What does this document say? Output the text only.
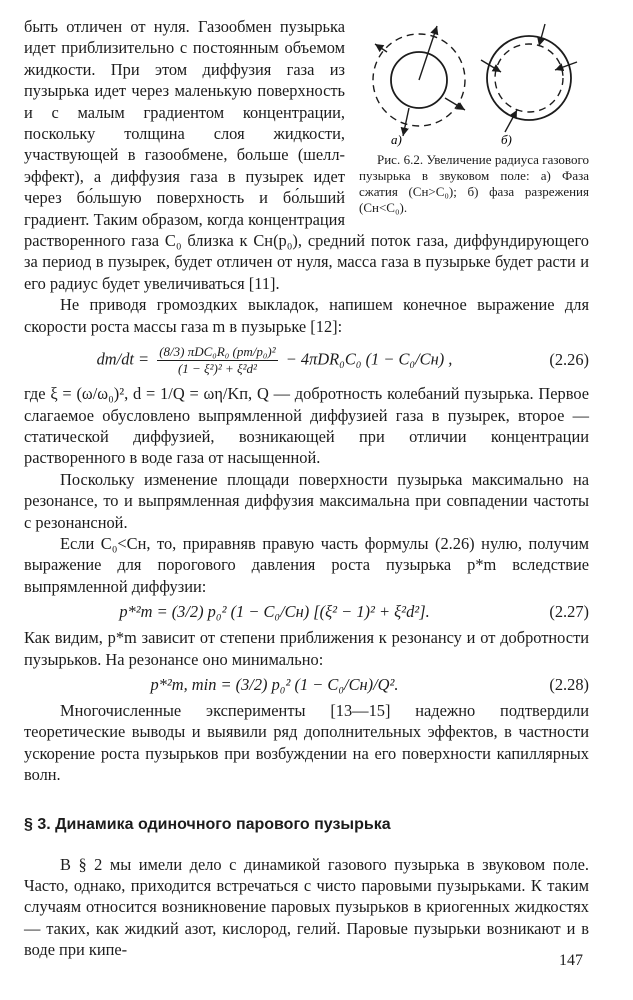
а)	б)
Рис. 6.2. Увеличение радиуса газового пузырька в звуковом поле: а) Фаза сжатия (Cн>C₀); б) фаза разрежения (Cн<C₀).

быть отличен от нуля. Газообмен пузырька идет приблизительно с постоянным объемом жидкости. При этом диффузия газа из пузырька идет через маленькую поверхность и с малым градиентом концентрации, поскольку толщина слоя жидкости, участвующей в газообмене, больше (шелл-эффект), а диффузия газа в пузырек идет через бо́льшую поверхность и бо́льший градиент. Таким образом, когда концентрация растворенного газа C₀ близка к Cн(p₀), средний поток газа, диффундирующего за период в пузырек, будет отличен от нуля, масса газа в пузырьке будет расти и его радиус будет увеличиваться [11].

Не приводя громоздких выкладок, напишем конечное выражение для скорости роста массы газа m в пузырьке [12]:

dm/dt = (8/3) πDC₀R₀ (pm/p₀)²
(1 − ξ²)² + ξ²d²
− 4πDR₀C₀ (1 − C₀/Cн) ,	(2.26)

где ξ = (ω/ω₀)², d = 1/Q = ωη/Kп, Q — добротность колебаний пузырька. Первое слагаемое обусловлено выпрямленной диффузией газа в пузырек, второе — статической диффузией, возникающей при отличии концентрации растворенного в воде газа от насыщенной.

Поскольку изменение площади поверхности пузырька максимально на резонансе, то и выпрямленная диффузия максимальна при совпадении частоты с резонансной.

Если C₀<Cн, то, приравняв правую часть формулы (2.26) нулю, получим выражение для порогового давления роста пузырька p*m вследствие выпрямленной диффузии:

p*²m = (3/2) p₀² (1 − C₀/Cн) [(ξ² − 1)² + ξ²d²].	(2.27)

Как видим, p*m зависит от степени приближения к резонансу и от добротности пузырьков. На резонансе оно минимально:

p*²m, min = (3/2) p₀² (1 − C₀/Cн)/Q².	(2.28)

Многочисленные эксперименты [13—15] надежно подтвердили теоретические выводы и выявили ряд дополнительных эффектов, в частности ускорение роста пузырьков при возбуждении на его поверхности капиллярных волн.

§ 3. Динамика одиночного парового пузырька

В § 2 мы имели дело с динамикой газового пузырька в звуковом поле. Часто, однако, приходится встречаться с чисто паровыми пузырьками. К таким случаям относится возникновение паровых пузырьков в криогенных жидкостях — таких, как жидкий азот, кислород, гелий. Паровые пузырьки возникают и в воде при кипе-

147
